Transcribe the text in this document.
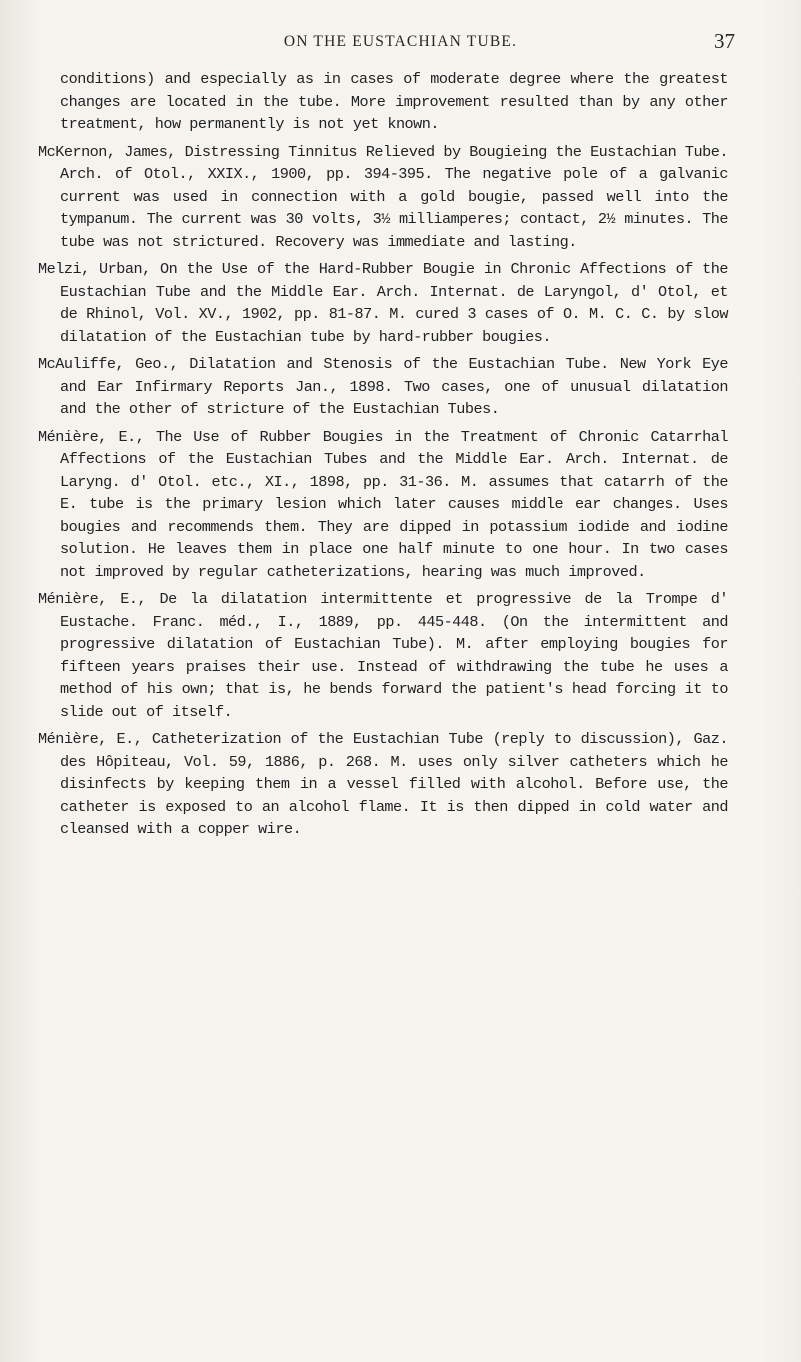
ON THE EUSTACHIAN TUBE.	37

conditions) and especially as in cases of moderate degree where the greatest changes are located in the tube. More improvement resulted than by any other treatment, how permanently is not yet known.

McKernon, James, Distressing Tinnitus Relieved by Bougieing the Eustachian Tube. Arch. of Otol., XXIX., 1900, pp. 394-395. The negative pole of a galvanic current was used in connection with a gold bougie, passed well into the tympanum. The current was 30 volts, 3½ milliamperes; contact, 2½ minutes. The tube was not strictured. Recovery was immediate and lasting.

Melzi, Urban, On the Use of the Hard-Rubber Bougie in Chronic Affections of the Eustachian Tube and the Middle Ear. Arch. Internat. de Laryngol, d' Otol, et de Rhinol, Vol. XV., 1902, pp. 81-87. M. cured 3 cases of O. M. C. C. by slow dilatation of the Eustachian tube by hard-rubber bougies.

McAuliffe, Geo., Dilatation and Stenosis of the Eustachian Tube. New York Eye and Ear Infirmary Reports Jan., 1898. Two cases, one of unusual dilatation and the other of stricture of the Eustachian Tubes.

Ménière, E., The Use of Rubber Bougies in the Treatment of Chronic Catarrhal Affections of the Eustachian Tubes and the Middle Ear. Arch. Internat. de Laryng. d' Otol. etc., XI., 1898, pp. 31-36. M. assumes that catarrh of the E. tube is the primary lesion which later causes middle ear changes. Uses bougies and recommends them. They are dipped in potassium iodide and iodine solution. He leaves them in place one half minute to one hour. In two cases not improved by regular catheterizations, hearing was much improved.

Ménière, E., De la dilatation intermittente et progressive de la Trompe d' Eustache. Franc. méd., I., 1889, pp. 445-448. (On the intermittent and progressive dilatation of Eustachian Tube). M. after employing bougies for fifteen years praises their use. Instead of withdrawing the tube he uses a method of his own; that is, he bends forward the patient's head forcing it to slide out of itself.

Ménière, E., Catheterization of the Eustachian Tube (reply to discussion), Gaz. des Hôpiteau, Vol. 59, 1886, p. 268. M. uses only silver catheters which he disinfects by keeping them in a vessel filled with alcohol. Before use, the catheter is exposed to an alcohol flame. It is then dipped in cold water and cleansed with a copper wire.
